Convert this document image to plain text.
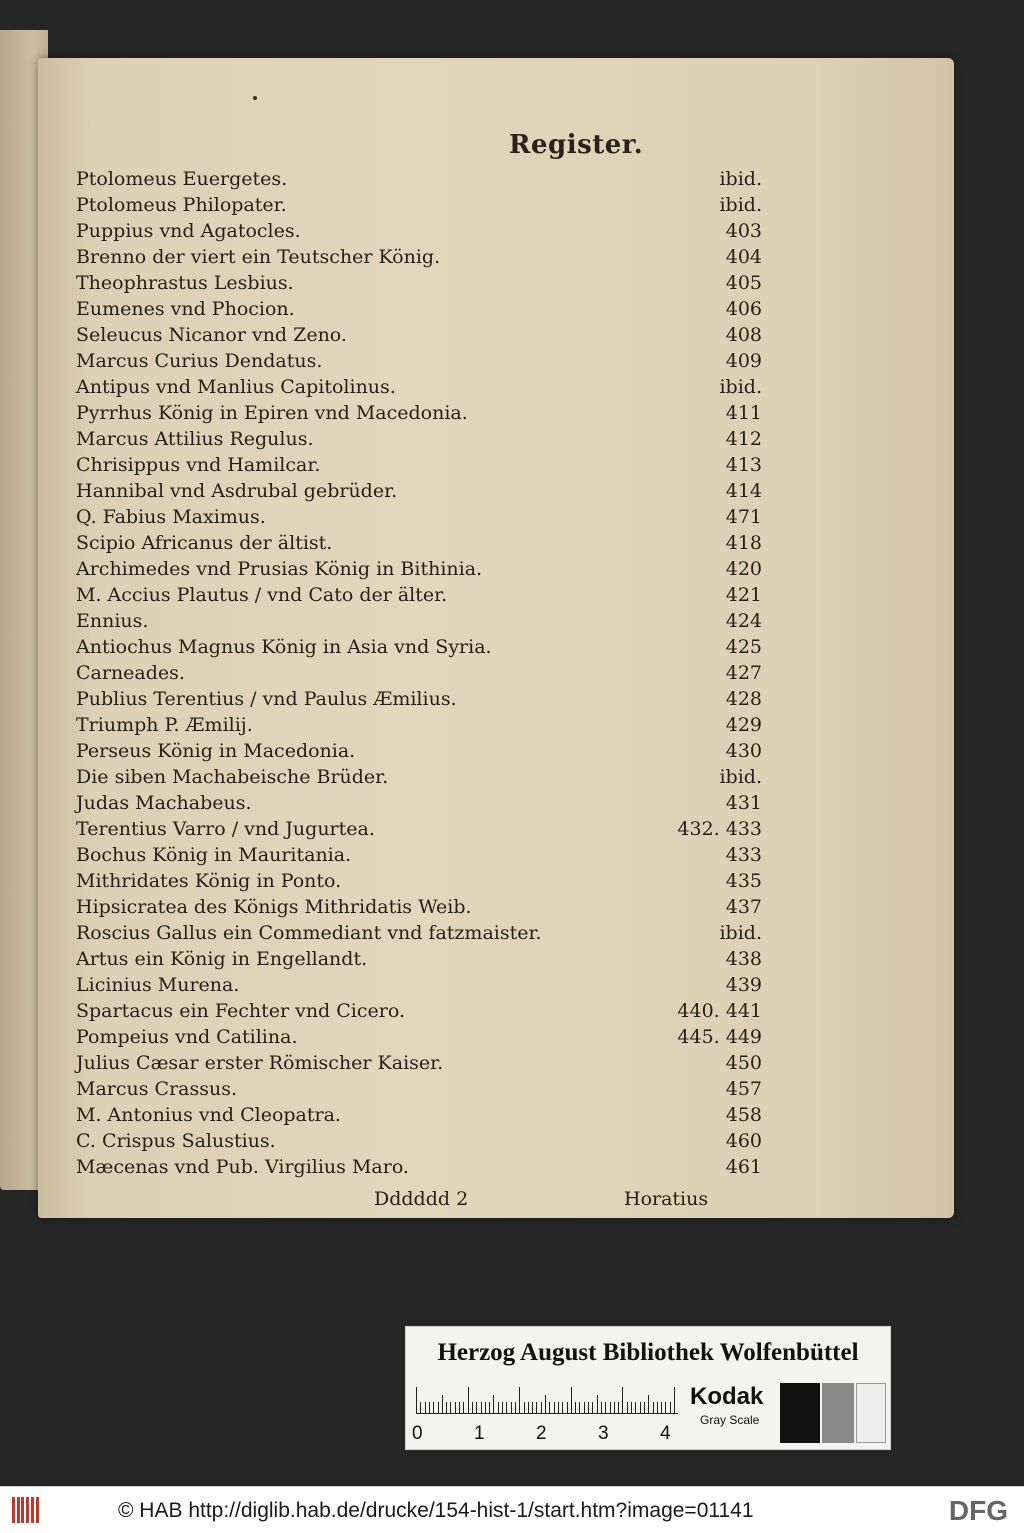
Register.
Ptolomeus Euergetes.	ibid.
Ptolomeus Philopater.	ibid.
Puppius vnd Agatocles.	403
Brenno der viert ein Teutscher König.	404
Theophrastus Lesbius.	405
Eumenes vnd Phocion.	406
Seleucus Nicanor vnd Zeno.	408
Marcus Curius Dendatus.	409
Antipus vnd Manlius Capitolinus.	ibid.
Pyrrhus König in Epiren vnd Macedonia.	411
Marcus Attilius Regulus.	412
Chrisippus vnd Hamilcar.	413
Hannibal vnd Asdrubal gebrüder.	414
Q. Fabius Maximus.	471
Scipio Africanus der ältist.	418
Archimedes vnd Prusias König in Bithinia.	420
M. Accius Plautus / vnd Cato der älter.	421
Ennius.	424
Antiochus Magnus König in Asia vnd Syria.	425
Carneades.	427
Publius Terentius / vnd Paulus Æmilius.	428
Triumph P. Æmilij.	429
Perseus König in Macedonia.	430
Die siben Machabeische Brüder.	ibid.
Judas Machabeus.	431
Terentius Varro / vnd Jugurtea.	432. 433
Bochus König in Mauritania.	433
Mithridates König in Ponto.	435
Hipsicratea des Königs Mithridatis Weib.	437
Roscius Gallus ein Commediant vnd fatzmaister.	ibid.
Artus ein König in Engellandt.	438
Licinius Murena.	439
Spartacus ein Fechter vnd Cicero.	440. 441
Pompeius vnd Catilina.	445. 449
Julius Cæsar erster Römischer Kaiser.	450
Marcus Crassus.	457
M. Antonius vnd Cleopatra.	458
C. Crispus Salustius.	460
Mæcenas vnd Pub. Virgilius Maro.	461
Dddddd 2	Horatius
Herzog August Bibliothek Wolfenbüttel
0	1	2	3	4
Kodak
Gray Scale
© HAB http://diglib.hab.de/drucke/154-hist-1/start.htm?image=01141	DFG
